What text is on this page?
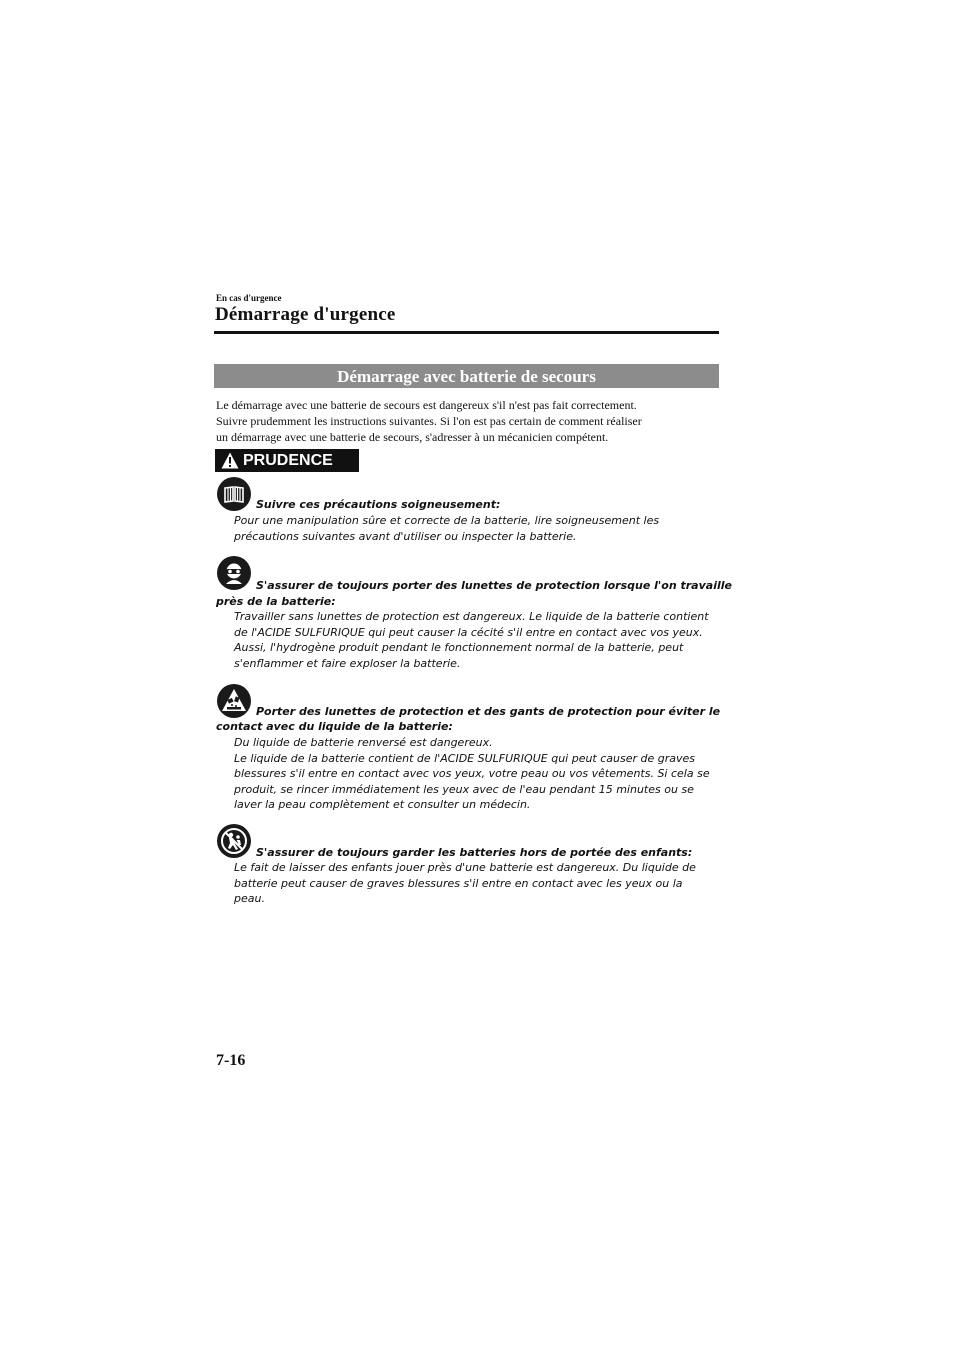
En cas d'urgence
Démarrage d'urgence
Démarrage avec batterie de secours
Le démarrage avec une batterie de secours est dangereux s'il n'est pas fait correctement.
Suivre prudemment les instructions suivantes. Si l'on est pas certain de comment réaliser
un démarrage avec une batterie de secours, s'adresser à un mécanicien compétent.
PRUDENCE
Suivre ces précautions soigneusement:
Pour une manipulation sûre et correcte de la batterie, lire soigneusement les
précautions suivantes avant d'utiliser ou inspecter la batterie.
S'assurer de toujours porter des lunettes de protection lorsque l'on travaille
près de la batterie:
Travailler sans lunettes de protection est dangereux. Le liquide de la batterie contient
de l'ACIDE SULFURIQUE qui peut causer la cécité s'il entre en contact avec vos yeux.
Aussi, l'hydrogène produit pendant le fonctionnement normal de la batterie, peut
s'enflammer et faire exploser la batterie.
Porter des lunettes de protection et des gants de protection pour éviter le
contact avec du liquide de la batterie:
Du liquide de batterie renversé est dangereux.
Le liquide de la batterie contient de l'ACIDE SULFURIQUE qui peut causer de graves
blessures s'il entre en contact avec vos yeux, votre peau ou vos vêtements. Si cela se
produit, se rincer immédiatement les yeux avec de l'eau pendant 15 minutes ou se
laver la peau complètement et consulter un médecin.
S'assurer de toujours garder les batteries hors de portée des enfants:
Le fait de laisser des enfants jouer près d'une batterie est dangereux. Du liquide de
batterie peut causer de graves blessures s'il entre en contact avec les yeux ou la
peau.
7-16
